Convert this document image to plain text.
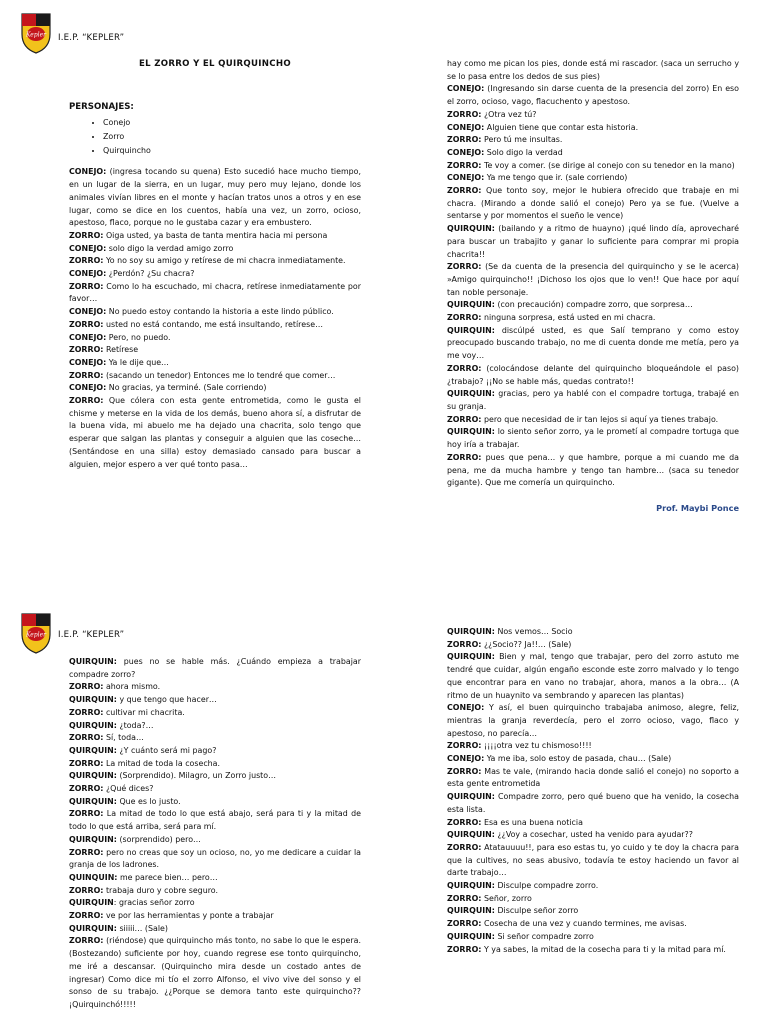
Kepler I.E.P. “KEPLER”
EL ZORRO Y EL QUIRQUINCHO
PERSONAJES:
• Conejo
• Zorro
• Quirquincho

CONEJO: (ingresa tocando su quena) Esto sucedió hace mucho tiempo, en un lugar de la sierra, en un lugar, muy pero muy lejano, donde los animales vivían libres en el monte y hacían tratos unos a otros y en ese lugar, como se dice en los cuentos, había una vez, un zorro, ocioso, apestoso, flaco, porque no le gustaba cazar y era embustero.

ZORRO: Oiga usted, ya basta de tanta mentira hacia mi persona

CONEJO: solo digo la verdad amigo zorro

ZORRO: Yo no soy su amigo y retírese de mi chacra inmediatamente.

CONEJO: ¿Perdón? ¿Su chacra?

ZORRO: Como lo ha escuchado, mi chacra, retírese inmediatamente por favor…

CONEJO: No puedo estoy contando la historia a este lindo público.

ZORRO: usted no está contando, me está insultando, retírese…

CONEJO: Pero, no puedo.

ZORRO: Retírese

CONEJO: Ya le dije que…

ZORRO: (sacando un tenedor) Entonces me lo tendré que comer…

CONEJO: No gracias, ya terminé. (Sale corriendo)

ZORRO: Que cólera con esta gente entrometida, como le gusta el chisme y meterse en la vida de los demás, bueno ahora sí, a disfrutar de la buena vida, mi abuelo me ha dejado una chacrita, solo tengo que esperar que salgan las plantas y conseguir a alguien que las coseche… (Sentándose en una silla) estoy demasiado cansado para buscar a alguien, mejor espero a ver qué tonto pasa…

hay como me pican los pies, donde está mi rascador. (saca un serrucho y se lo pasa entre los dedos de sus pies)

CONEJO: (Ingresando sin darse cuenta de la presencia del zorro) En eso el zorro, ocioso, vago, flacuchento y apestoso.

ZORRO: ¿Otra vez tú?

CONEJO: Alguien tiene que contar esta historia.

ZORRO: Pero tú me insultas.

CONEJO: Solo digo la verdad

ZORRO: Te voy a comer. (se dirige al conejo con su tenedor en la mano)

CONEJO: Ya me tengo que ir. (sale corriendo)

ZORRO: Que tonto soy, mejor le hubiera ofrecido que trabaje en mi chacra. (Mirando a donde salió el conejo) Pero ya se fue. (Vuelve a sentarse y por momentos el sueño le vence)

QUIRQUIN: (bailando y a ritmo de huayno) ¡qué lindo día, aprovecharé para buscar un trabajito y ganar lo suficiente para comprar mi propia chacrita!!

ZORRO: (Se da cuenta de la presencia del quirquincho y se le acerca) »Amigo quirquincho!! ¡Dichoso los ojos que lo ven!! Que hace por aquí tan noble personaje.

QUIRQUIN: (con precaución) compadre zorro, que sorpresa…

ZORRO: ninguna sorpresa, está usted en mi chacra.

QUIRQUIN: discúlpé usted, es que Salí temprano y como estoy preocupado buscando trabajo, no me di cuenta donde me metía, pero ya me voy…

ZORRO: (colocándose delante del quirquincho bloqueándole el paso) ¿trabajo? ¡¡No se hable más, quedas contrato!!

QUIRQUIN: gracias, pero ya hablé con el compadre tortuga, trabajé en su granja.

ZORRO: pero que necesidad de ir tan lejos si aquí ya tienes trabajo.

QUIRQUIN: lo siento señor zorro, ya le prometí al compadre tortuga que hoy iría a trabajar.

ZORRO: pues que pena… y que hambre, porque a mi cuando me da pena, me da mucha hambre y tengo tan hambre… (saca su tenedor gigante). Que me comería un quirquincho.

Prof. Maybi Ponce
Kepler I.E.P. “KEPLER”

QUIRQUIN: pues no se hable más. ¿Cuándo empieza a trabajar compadre zorro?

ZORRO: ahora mismo.

QUIRQUIN: y que tengo que hacer…

ZORRO: cultivar mi chacrita.

QUIRQUIN: ¿toda?…

ZORRO: Sí, toda…

QUIRQUIN: ¿Y cuánto será mi pago?

ZORRO: La mitad de toda la cosecha.

QUIRQUIN: (Sorprendido). Milagro, un Zorro justo…

ZORRO: ¿Qué dices?

QUIRQUIN: Que es lo justo.

ZORRO: La mitad de todo lo que está abajo, será para ti y la mitad de todo lo que está arriba, será para mí.

QUIRQUIN: (sorprendido) pero…

ZORRO: pero no creas que soy un ocioso, no, yo me dedicare a cuidar la granja de los ladrones.

QUINQUIN: me parece bien… pero…

ZORRO: trabaja duro y cobre seguro.

QUIRQUIN: gracias señor zorro

ZORRO: ve por las herramientas y ponte a trabajar

QUIRQUIN: siiiii… (Sale)

ZORRO: (riéndose) que quirquincho más tonto, no sabe lo que le espera. (Bostezando) suficiente por hoy, cuando regrese ese tonto quirquincho, me iré a descansar. (Quirquincho mira desde un costado antes de ingresar) Como dice mi tío el zorro Alfonso, el vivo vive del sonso y el sonso de su trabajo. ¿¿Porque se demora tanto este quirquincho?? ¡Quirquinchó!!!!!

QUIRQUIN: Nos vemos… Socio

ZORRO: ¿¿Socio?? Ja!!… (Sale)

QUIRQUIN: Bien y mal, tengo que trabajar, pero del zorro astuto me tendré que cuidar, algún engaño esconde este zorro malvado y lo tengo que encontrar para en vano no trabajar, ahora, manos a la obra… (A ritmo de un huaynito va sembrando y aparecen las plantas)

CONEJO: Y así, el buen quirquincho trabajaba animoso, alegre, feliz, mientras la granja reverdecía, pero el zorro ocioso, vago, flaco y apestoso, no parecía…

ZORRO: ¡¡¡¡otra vez tu chismoso!!!!

CONEJO: Ya me iba, solo estoy de pasada, chau… (Sale)

ZORRO: Mas te vale, (mirando hacia donde salió el conejo) no soporto a esta gente entrometida

QUIRQUIN: Compadre zorro, pero qué bueno que ha venido, la cosecha esta lista.

ZORRO: Esa es una buena noticia

QUIRQUIN: ¿¿Voy a cosechar, usted ha venido para ayudar??

ZORRO: Atatauuuu!!, para eso estas tu, yo cuido y te doy la chacra para que la cultives, no seas abusivo, todavía te estoy haciendo un favor al darte trabajo…

QUIRQUIN: Disculpe compadre zorro.

ZORRO: Señor, zorro

QUIRQUIN: Disculpe señor zorro

ZORRO: Cosecha de una vez y cuando termines, me avisas.

QUIRQUIN: Si señor compadre zorro

ZORRO: Y ya sabes, la mitad de la cosecha para ti y la mitad para mí.
